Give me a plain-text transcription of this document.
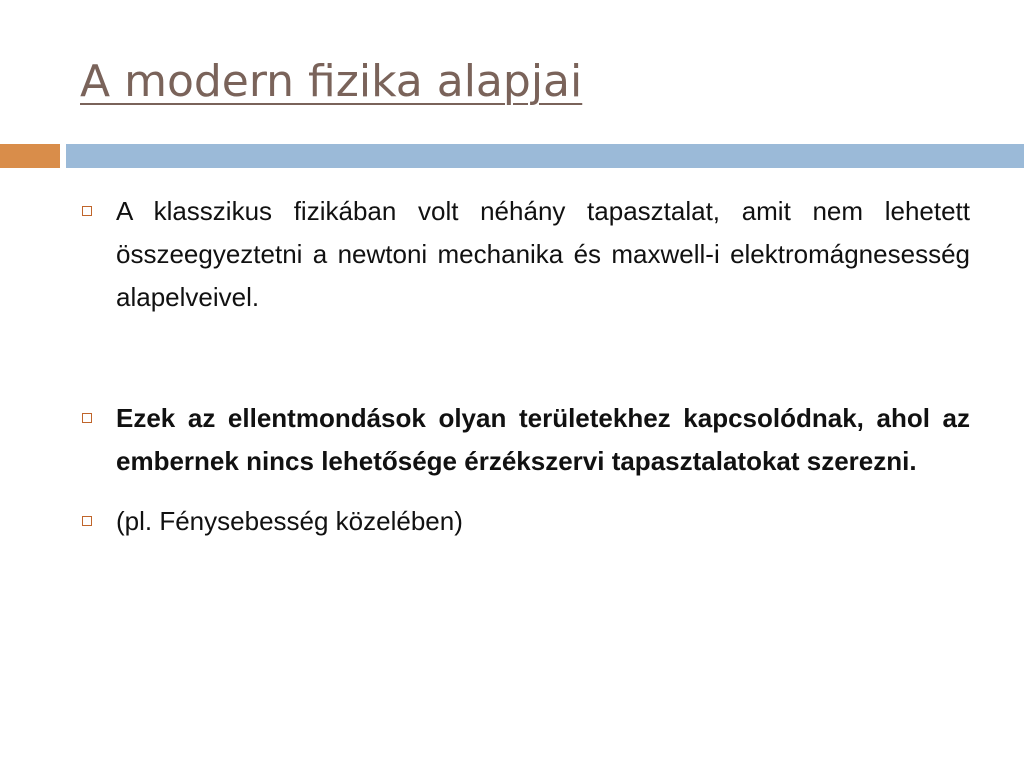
A modern fizika alapjai
A klasszikus fizikában volt néhány tapasztalat, amit nem lehetett összeegyeztetni a newtoni mechanika és maxwell-i elektromágnesesség alapelveivel.
Ezek az ellentmondások olyan területekhez kapcsolódnak, ahol az embernek nincs lehetősége érzékszervi tapasztalatokat szerezni.
(pl. Fénysebesség közelében)
